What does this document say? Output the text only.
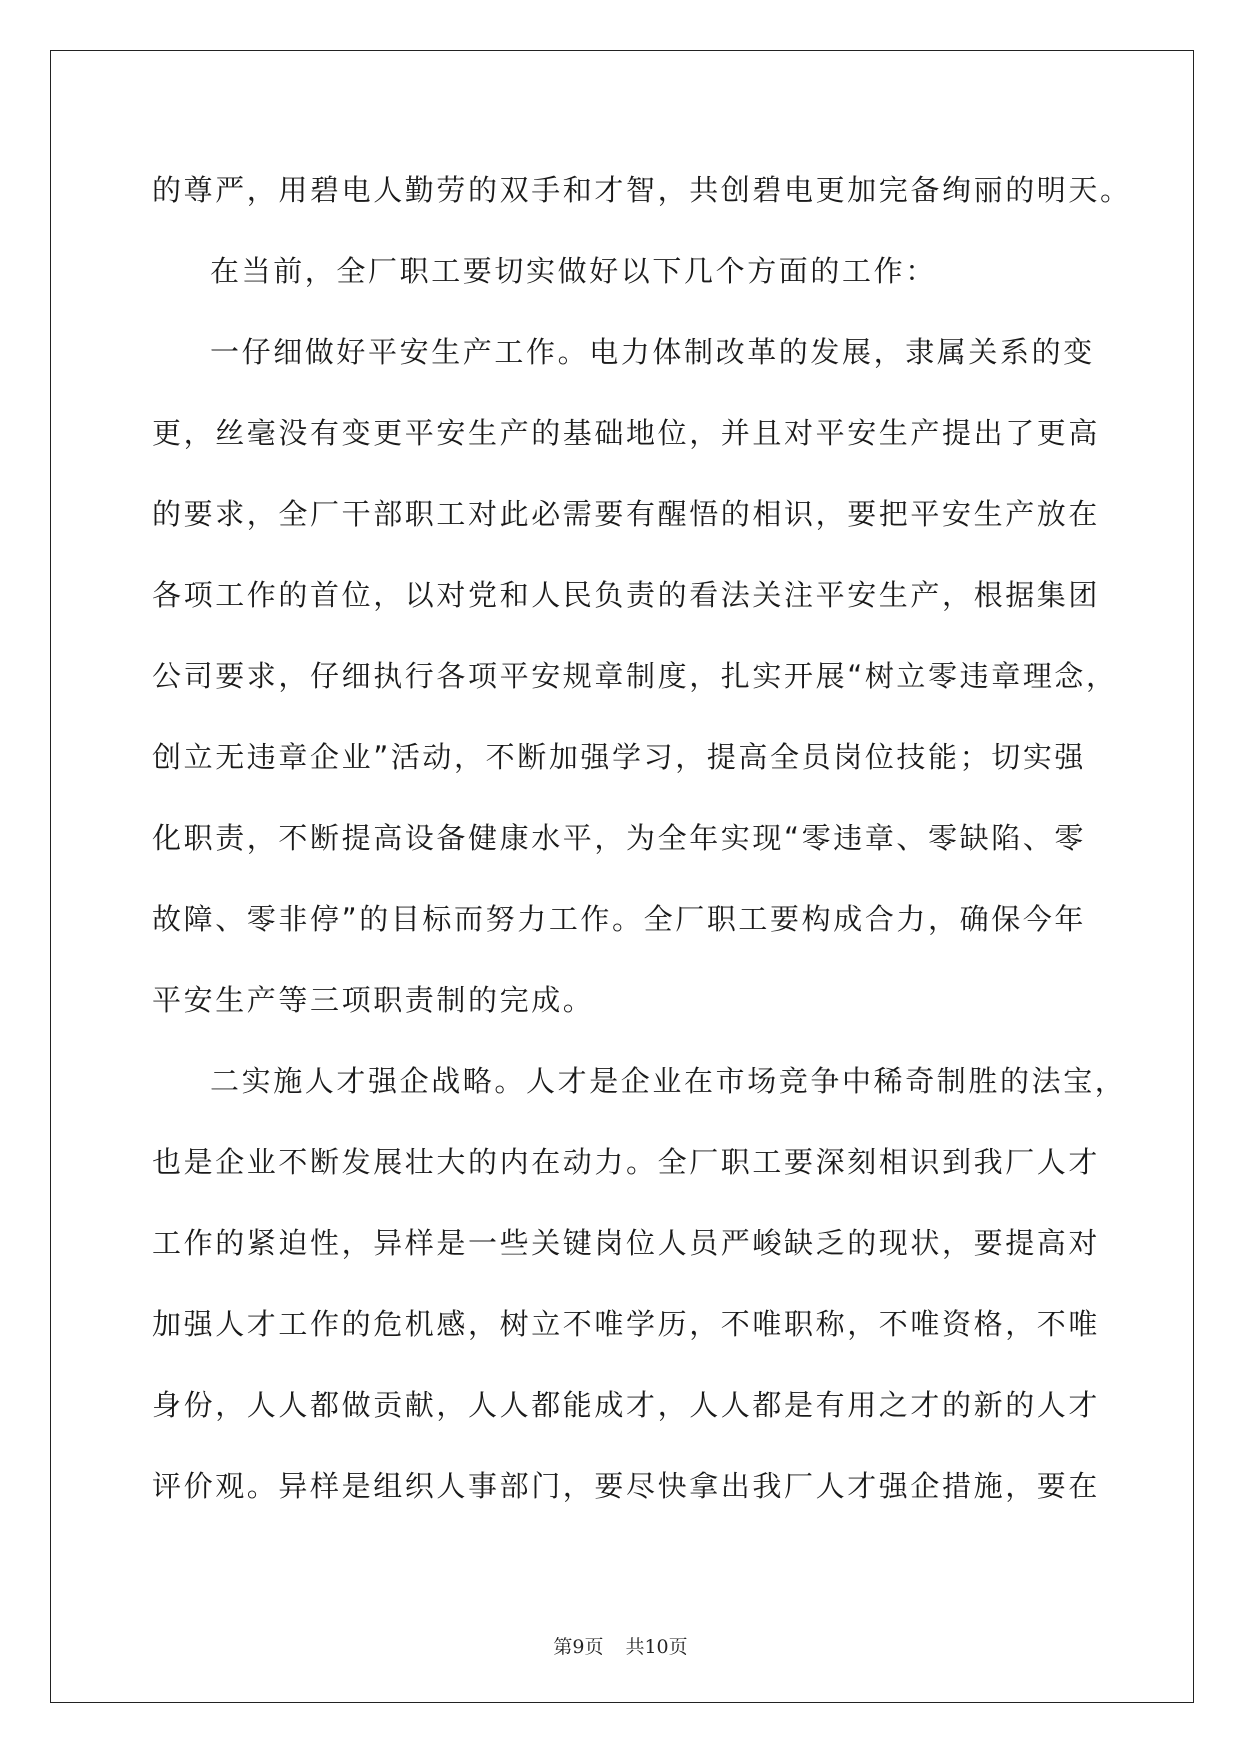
的尊严，用碧电人勤劳的双手和才智，共创碧电更加完备绚丽的明天。
在当前，全厂职工要切实做好以下几个方面的工作：
一仔细做好平安生产工作。电力体制改革的发展，隶属关系的变
更，丝毫没有变更平安生产的基础地位，并且对平安生产提出了更高
的要求，全厂干部职工对此必需要有醒悟的相识，要把平安生产放在
各项工作的首位，以对党和人民负责的看法关注平安生产，根据集团
公司要求，仔细执行各项平安规章制度，扎实开展“树立零违章理念，
创立无违章企业”活动，不断加强学习，提高全员岗位技能；切实强
化职责，不断提高设备健康水平，为全年实现“零违章、零缺陷、零
故障、零非停”的目标而努力工作。全厂职工要构成合力，确保今年
平安生产等三项职责制的完成。
二实施人才强企战略。人才是企业在市场竞争中稀奇制胜的法宝，
也是企业不断发展壮大的内在动力。全厂职工要深刻相识到我厂人才
工作的紧迫性，异样是一些关键岗位人员严峻缺乏的现状，要提高对
加强人才工作的危机感，树立不唯学历，不唯职称，不唯资格，不唯
身份，人人都做贡献，人人都能成才，人人都是有用之才的新的人才
评价观。异样是组织人事部门，要尽快拿出我厂人才强企措施，要在
第9页 共10页
